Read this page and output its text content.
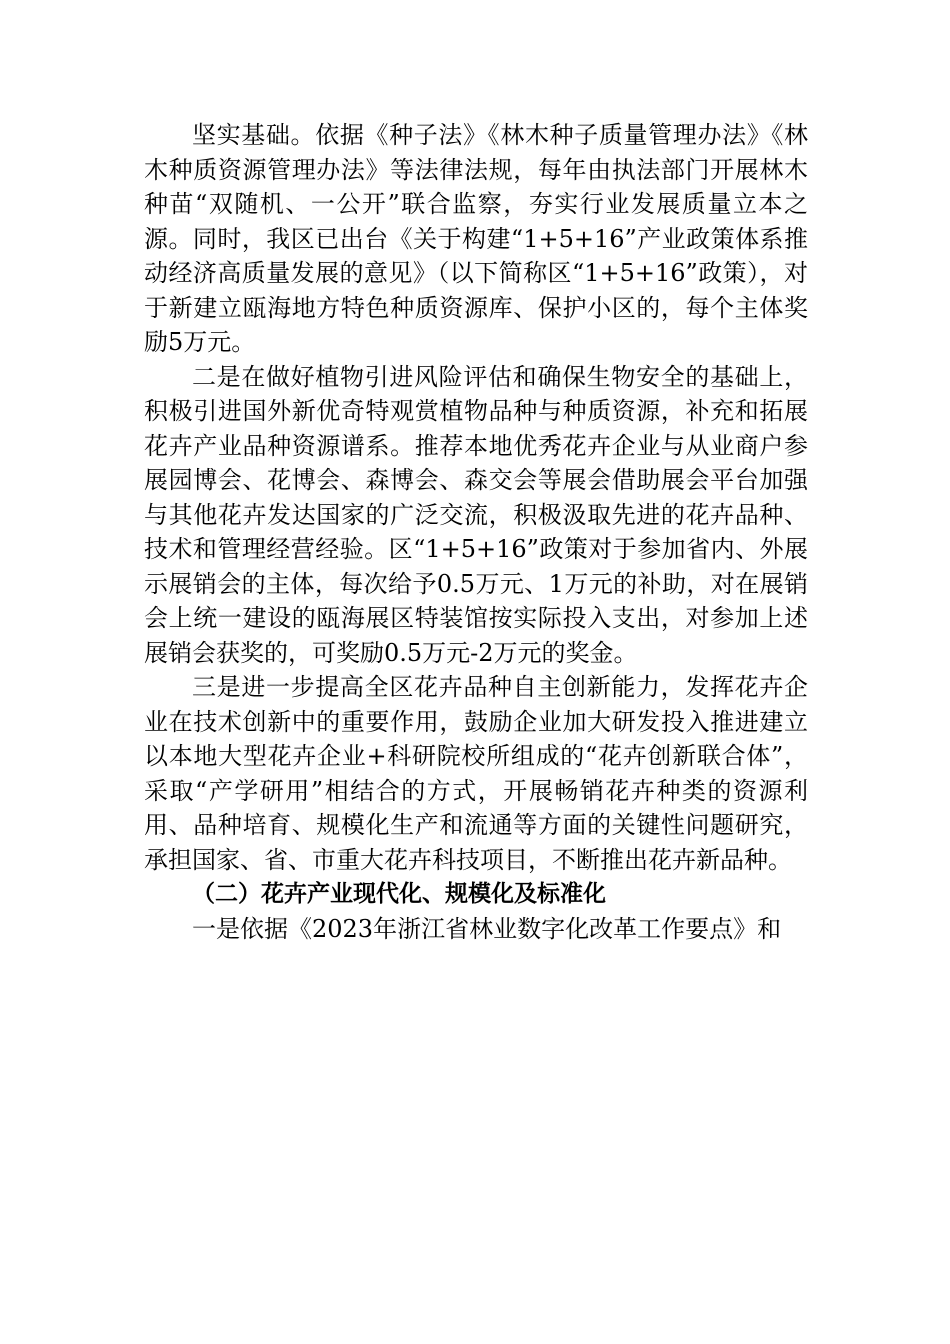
坚实基础。依据《种子法》《林木种子质量管理办法》《林木种质资源管理办法》等法律法规，每年由执法部门开展林木种苗“双随机、一公开”联合监察，夯实行业发展质量立本之源。同时，我区已出台《关于构建“1+5+16”产业政策体系推动经济高质量发展的意见》（以下简称区“1+5+16”政策），对于新建立瓯海地方特色种质资源库、保护小区的，每个主体奖励5万元。

二是在做好植物引进风险评估和确保生物安全的基础上，积极引进国外新优奇特观赏植物品种与种质资源，补充和拓展花卉产业品种资源谱系。推荐本地优秀花卉企业与从业商户参展园博会、花博会、森博会、森交会等展会借助展会平台加强与其他花卉发达国家的广泛交流，积极汲取先进的花卉品种、技术和管理经营经验。区“1+5+16”政策对于参加省内、外展示展销会的主体，每次给予0.5万元、1万元的补助，对在展销会上统一建设的瓯海展区特装馆按实际投入支出，对参加上述展销会获奖的，可奖励0.5万元-2万元的奖金。

三是进一步提高全区花卉品种自主创新能力，发挥花卉企业在技术创新中的重要作用，鼓励企业加大研发投入推进建立以本地大型花卉企业+科研院校所组成的“花卉创新联合体”，采取“产学研用”相结合的方式，开展畅销花卉种类的资源利用、品种培育、规模化生产和流通等方面的关键性问题研究，承担国家、省、市重大花卉科技项目，不断推出花卉新品种。

（二）花卉产业现代化、规模化及标准化

一是依据《2023年浙江省林业数字化改革工作要点》和
